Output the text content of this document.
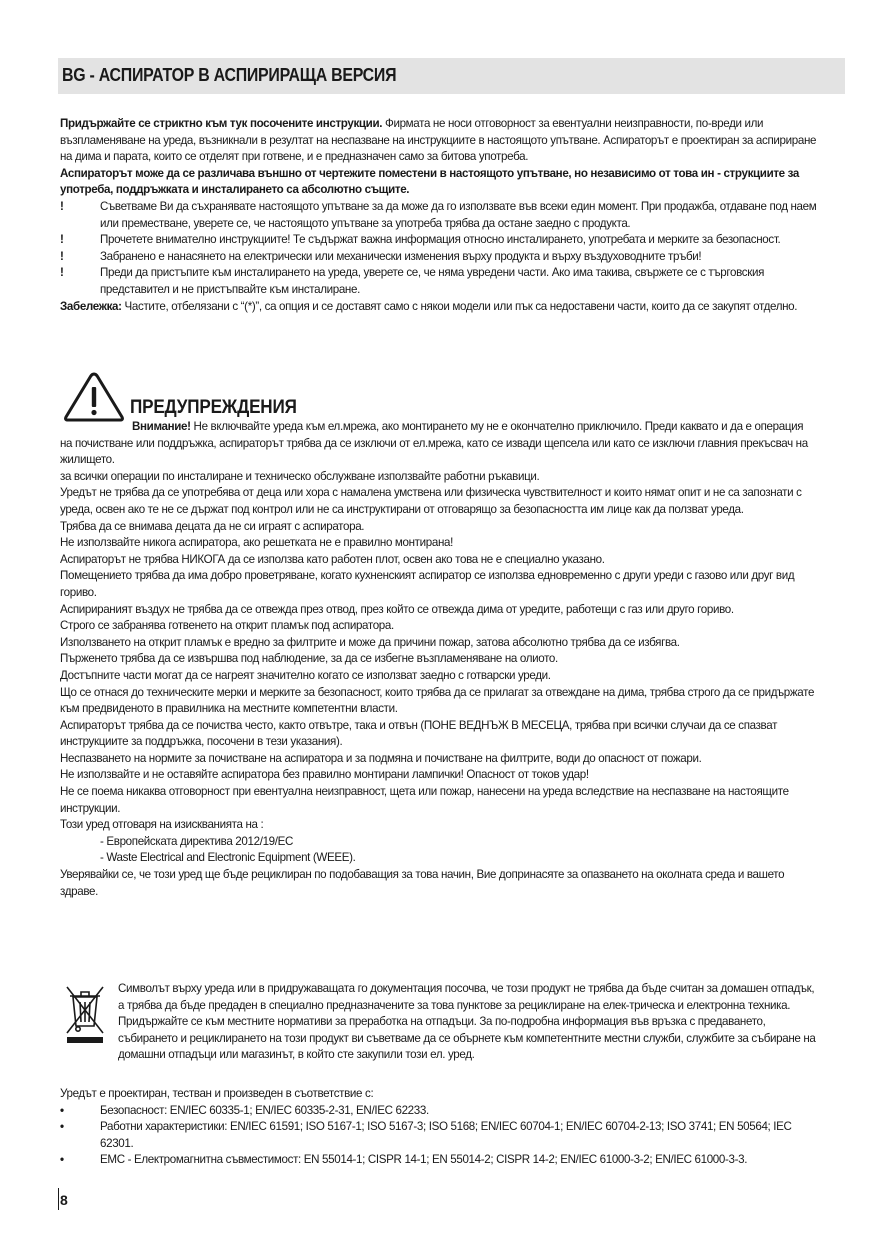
BG - АСПИРАТОР В АСПИРИРАЩА ВЕРСИЯ

Придържайте се стриктно към тук посочените инструкции. Фирмата не носи отговорност за евентуални неизправности, по-вреди или възпламеняване на уреда, възникнали в резултат на неспазване на инструкциите в настоящото упътване. Аспираторът е проектиран за аспириране на дима и парата, които се отделят при готвене, и е предназначен само за битова употреба.

Аспираторът може да се различава външно от чертежите поместени в настоящото упътване, но независимо от това ин - струкциите за употреба, поддръжката и инсталирането са абсолютно същите.

!	Съветваме Ви да съхранявате настоящото упътване за да може да го използвате във всеки един момент. При продажба, отдаване под наем или преместване, уверете се, че настоящото упътване за употреба трябва да остане заедно с продукта.
!	Прочетете внимателно инструкциите! Те съдържат важна информация относно инсталирането, употребата и мерките за безопасност.
!	Забранено е нанасянето на електрически или механически изменения върху продукта и върху въздуховодните тръби!
!	Преди да пристъпите към инсталирането на уреда, уверете се, че няма увредени части. Ако има такива, свържете се с търговския представител и не пристъпвайте към инсталиране.

Забележка: Частите, отбелязани с “(*)”, са опция и се доставят само с някои модели или пък са недоставени части, които да се закупят отделно.

ПРЕДУПРЕЖДЕНИЯ

Внимание! Не включвайте уреда към ел.мрежа, ако монтирането му не е окончателно приключило. Преди каквато и да е операция на почистване или поддръжка, аспираторът трябва да се изключи от ел.мрежа, като се извади щепсела или като се изключи главния прекъсвач на жилището.

за всички операции по инсталиране и техническо обслужване използвайте работни ръкавици.

Уредът не трябва да се употребява от деца или хора с намалена умствена или физическа чувствителност и които нямат опит и не са запознати с уреда, освен ако те не се държат под контрол или не са инструктирани от отговарящо за безопасността им лице как да ползват уреда.

Трябва да се внимава децата да не си играят с аспиратора.

Не използвайте никога аспиратора, ако решетката не е правилно монтирана!

Аспираторът не трябва НИКОГА да се използва като работен плот, освен ако това не е специално указано.

Помещението трябва да има добро проветряване, когато кухненският аспиратор се използва едновременно с други уреди с газово или друг вид гориво.

Аспирираният въздух не трябва да се отвежда през отвод, през който се отвежда дима от уредите, работещи с газ или друго гориво.

Строго се забранява готвенето на открит пламък под аспиратора.

Използването на открит пламък е вредно за филтрите и може да причини пожар, затова абсолютно трябва да се избягва.

Пърженето трябва да се извършва под наблюдение, за да се избегне възпламеняване на олиото.

Достъпните части могат да се нагреят значително когато се използват заедно с готварски уреди.

Що се отнася до техническите мерки и мерките за безопасност, които трябва да се прилагат за отвеждане на дима, трябва строго да се придържате към предвиденото в правилника на местните компетентни власти.

Аспираторът трябва да се почиства често, както отвътре, така и отвън (ПОНЕ ВЕДНЪЖ В МЕСЕЦА, трябва при всички случаи да се спазват инструкциите за поддръжка, посочени в тези указания).

Неспазването на нормите за почистване на аспиратора и за подмяна и почистване на филтрите, води до опасност от пожари.

Не използвайте и не оставяйте аспиратора без правилно монтирани лампички! Опасност от токов удар!

Не се поема никаква отговорност при евентуална неизправност, щета или пожар, нанесени на уреда вследствие на неспазване на настоящите инструкции.

Този уред отговаря на изискванията на :

- Европейската директива 2012/19/EC

- Waste Electrical and Electronic Equipment (WEEE).

Уверявайки се, че този уред ще бъде рециклиран по подобаващия за това начин, Вие допринасяте за опазването на околната среда и вашето здраве.

Символът върху уреда или в придружаващата го документация посочва, че този продукт не трябва да бъде считан за домашен отпадък, а трябва да бъде предаден в специално предназначените за това пунктове за рециклиране на елек-трическа и електронна техника. Придържайте се към местните нормативи за преработка на отпадъци. За по-подробна информация във връзка с предаването, събирането и рециклирането на този продукт ви съветваме да се обърнете към компетентните местни служби, службите за събиране на домашни отпадъци или магазинът, в който сте закупили този ел. уред.

Уредът е проектиран, тестван и произведен в съответствие с:

•	Безопасност: EN/IEC 60335-1; EN/IEC 60335-2-31, EN/IEC 62233.
•	Работни характеристики: EN/IEC 61591; ISO 5167-1; ISO 5167-3; ISO 5168; EN/IEC 60704-1; EN/IEC 60704-2-13; ISO 3741; EN 50564; IEC 62301.
•	EMC - Електромагнитна съвместимост: EN 55014-1; CISPR 14-1; EN 55014-2; CISPR 14-2; EN/IEC 61000-3-2; EN/IEC 61000-3-3.
8
